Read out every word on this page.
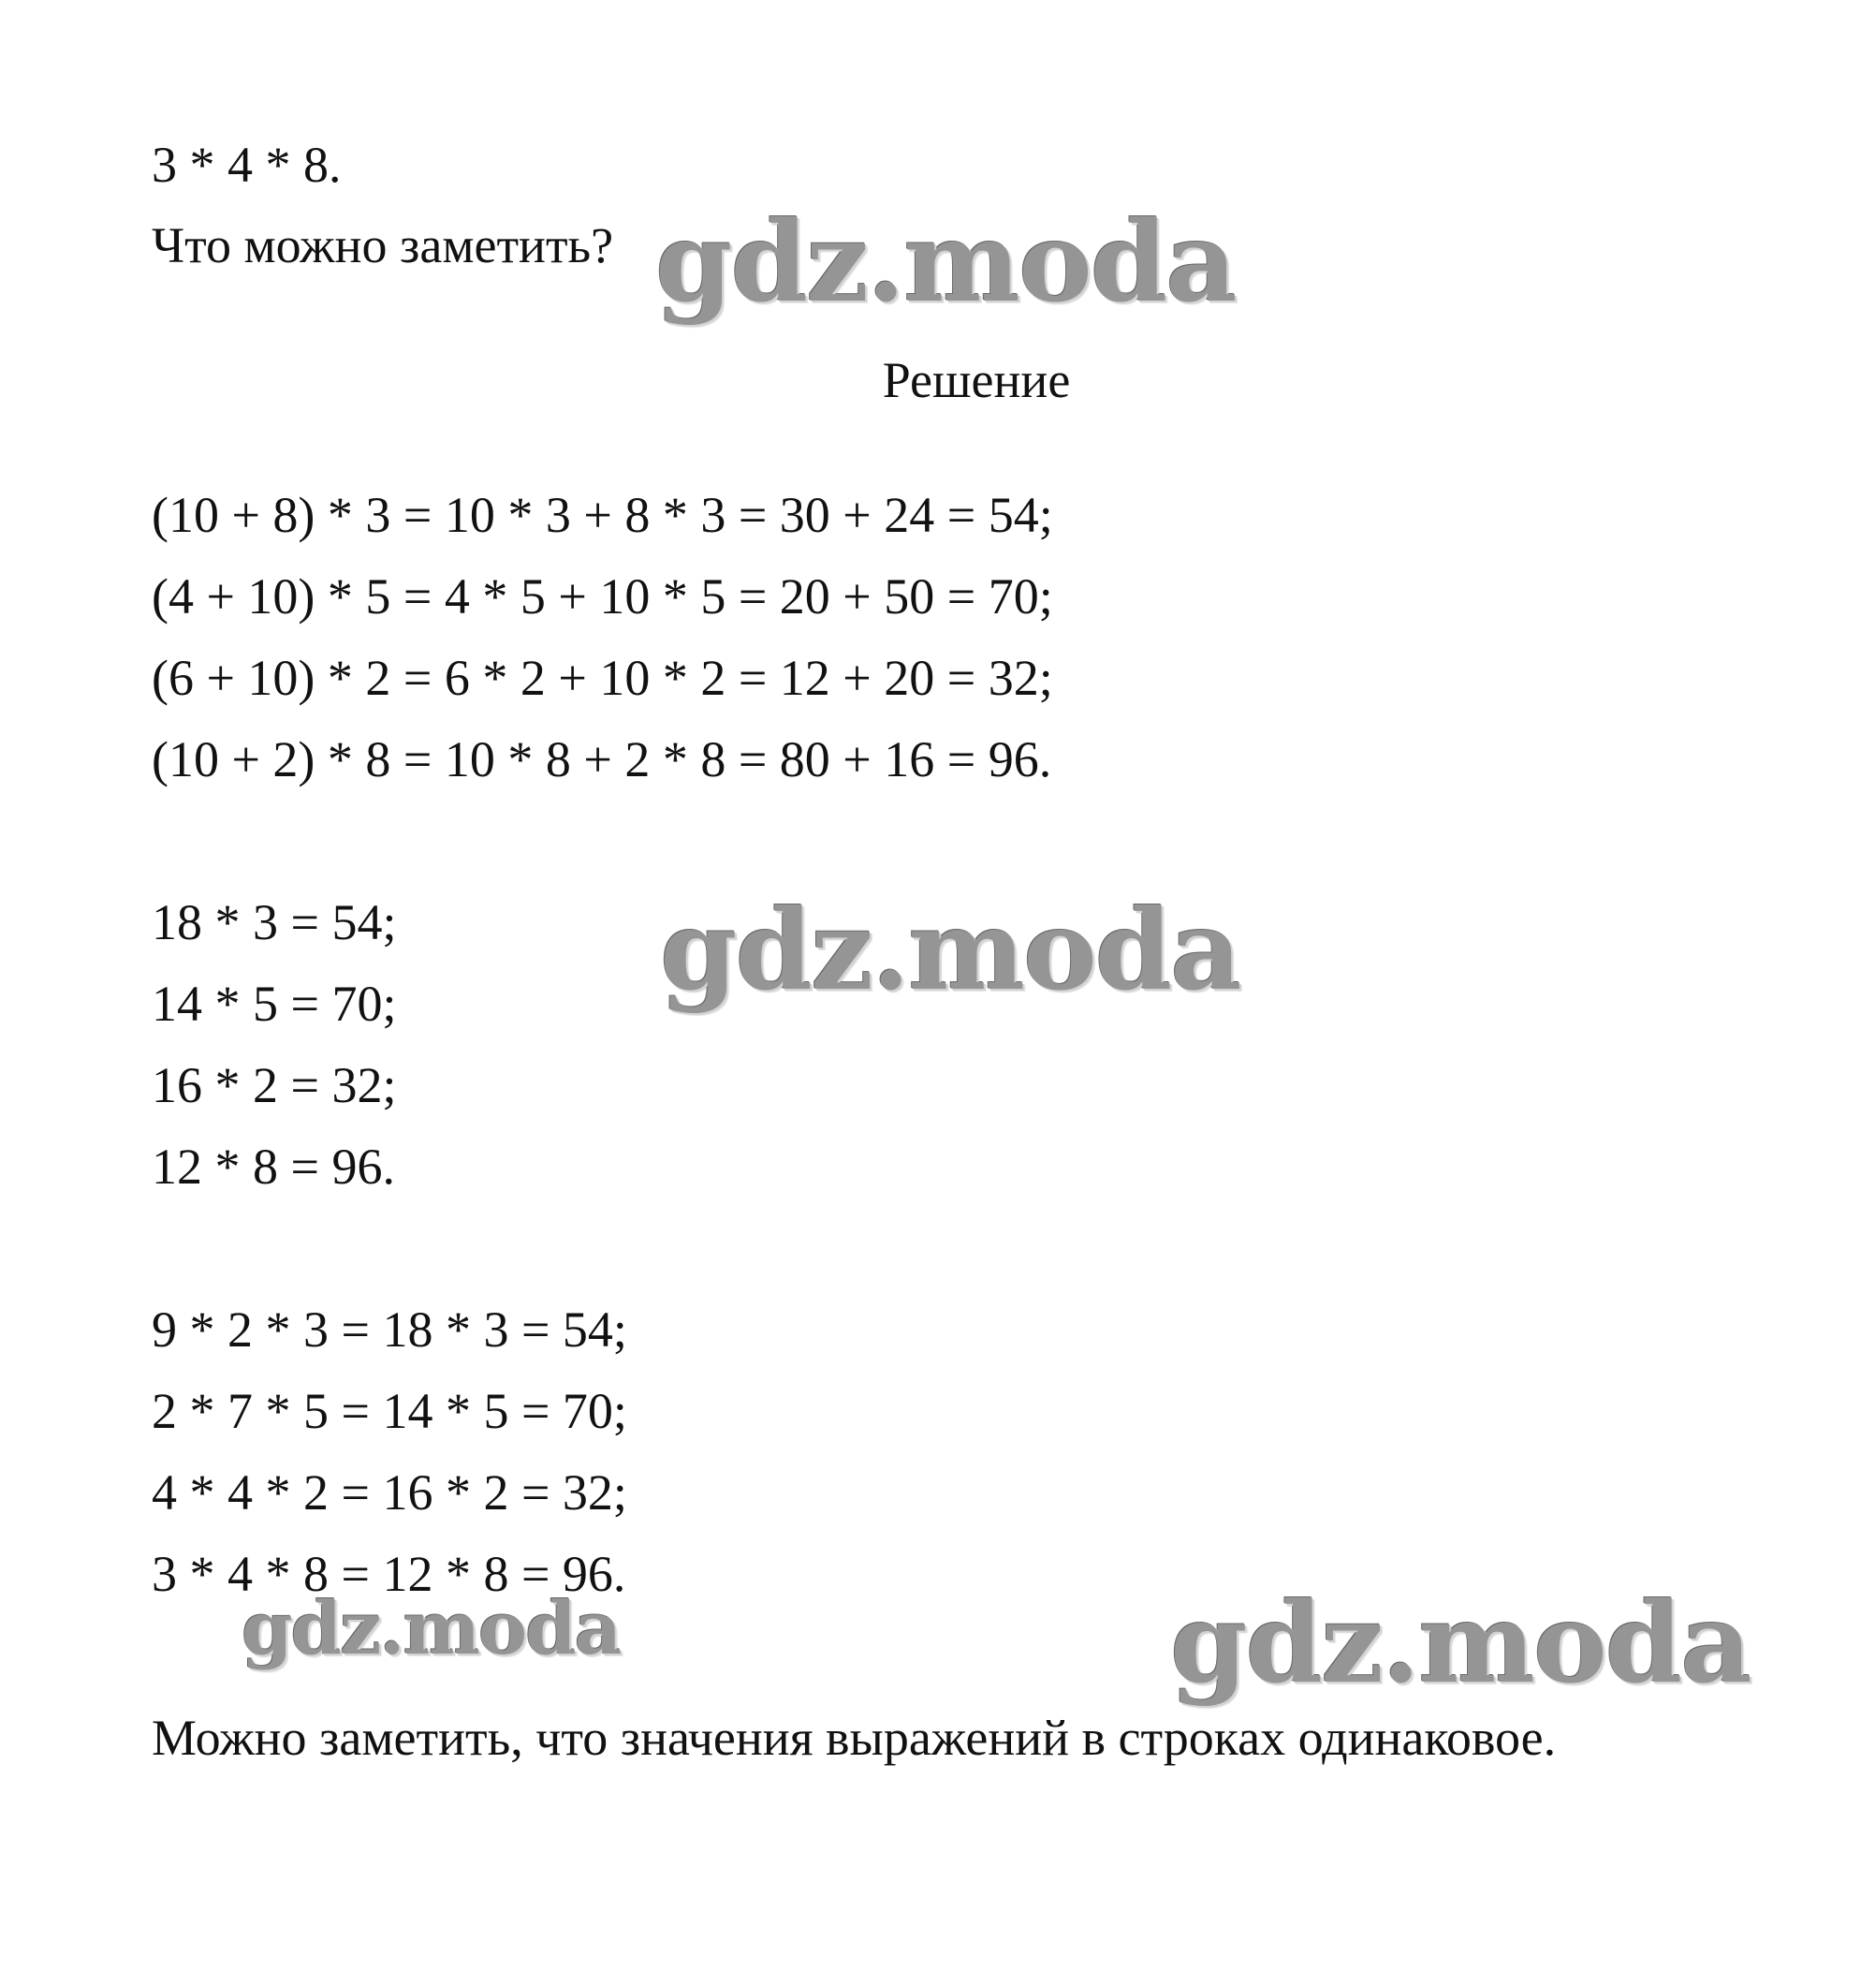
3 * 4 * 8.
Что можно заметить?
Решение
(10 + 8) * 3 = 10 * 3 + 8 * 3 = 30 + 24 = 54;
(4 + 10) * 5 = 4 * 5 + 10 * 5 = 20 + 50 = 70;
(6 + 10) * 2 = 6 * 2 + 10 * 2 = 12 + 20 = 32;
(10 + 2) * 8 = 10 * 8 + 2 * 8 = 80 + 16 = 96.
18 * 3 = 54;
14 * 5 = 70;
16 * 2 = 32;
12 * 8 = 96.
9 * 2 * 3 = 18 * 3 = 54;
2 * 7 * 5 = 14 * 5 = 70;
4 * 4 * 2 = 16 * 2 = 32;
3 * 4 * 8 = 12 * 8 = 96.
Можно заметить, что значения выражений в строках одинаковое.
gdz.moda
gdz.moda
gdz.moda	gdz.moda
